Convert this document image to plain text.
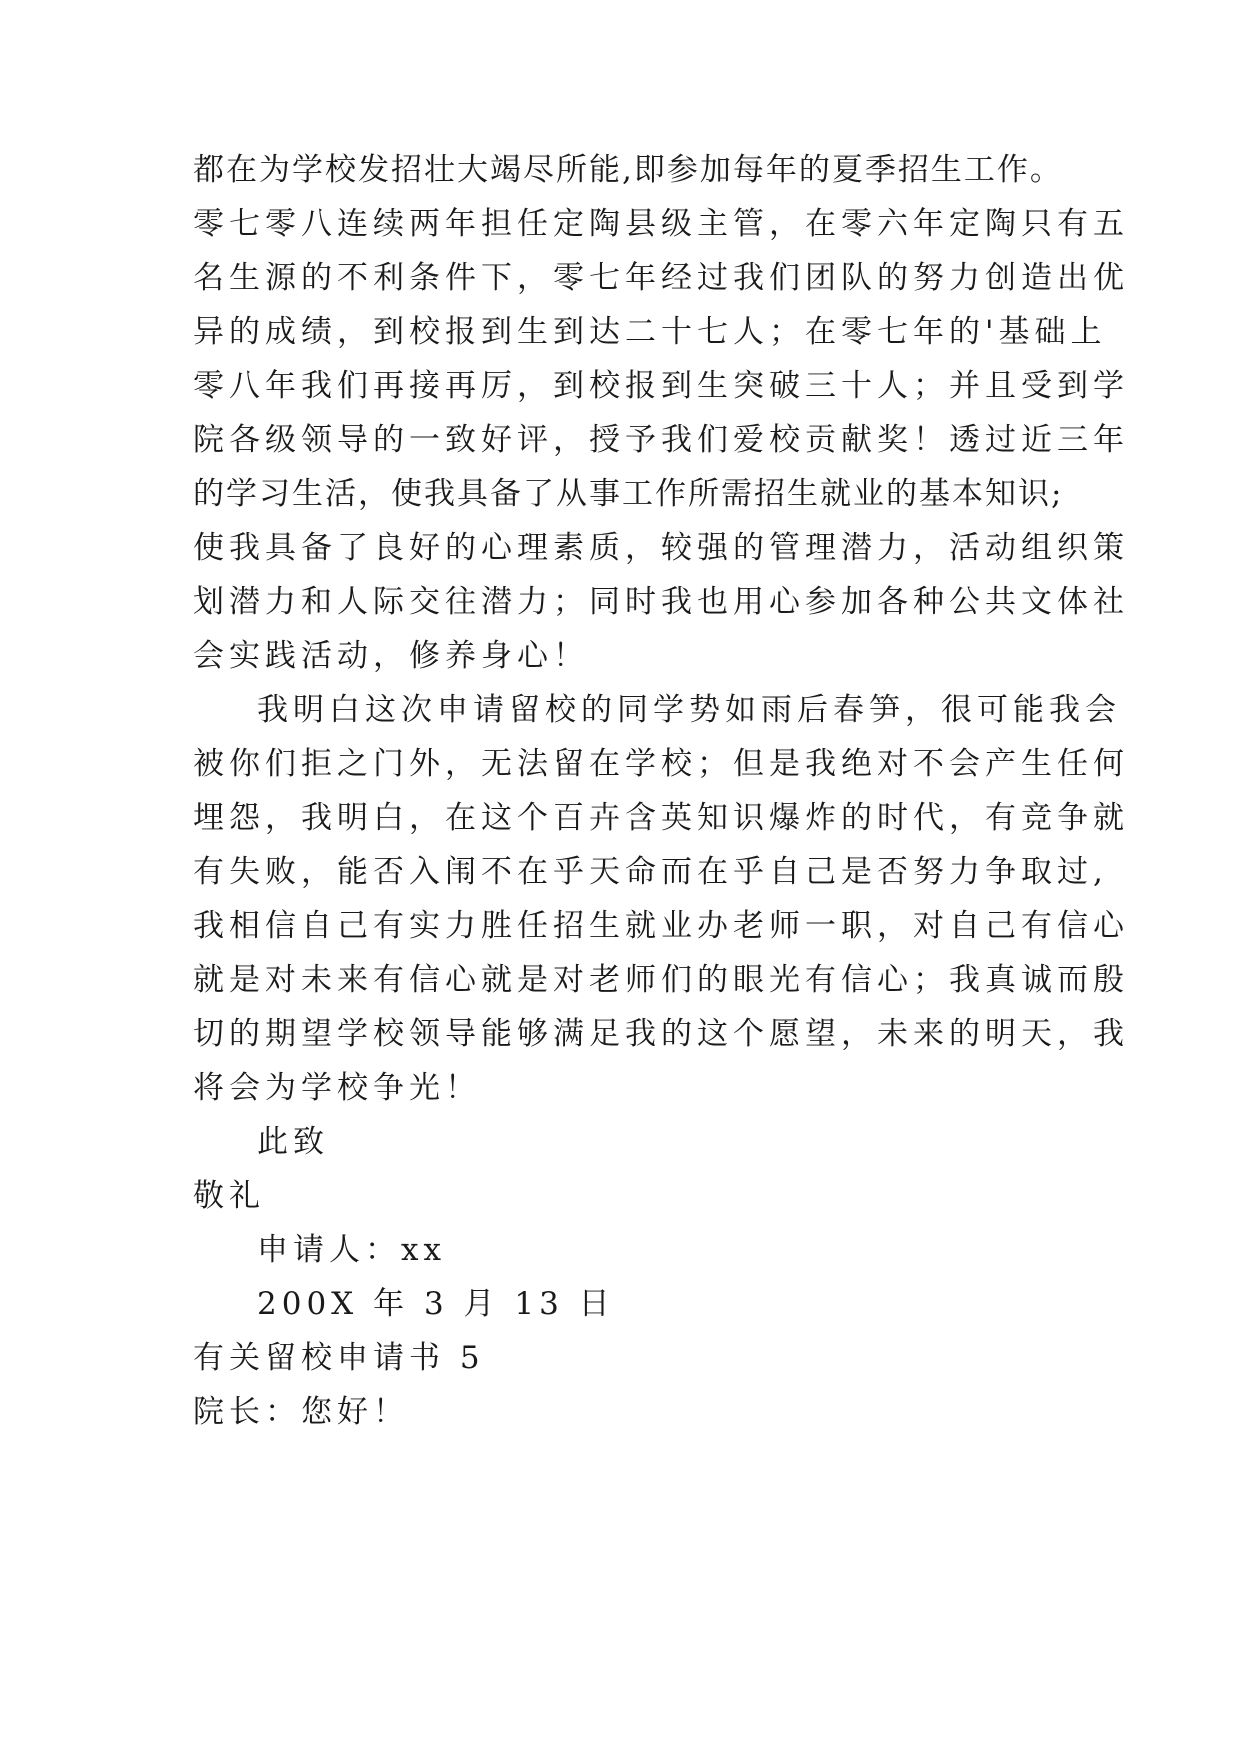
都在为学校发招壮大竭尽所能,即参加每年的夏季招生工作。
零七零八连续两年担任定陶县级主管，在零六年定陶只有五
名生源的不利条件下，零七年经过我们团队的努力创造出优
异的成绩，到校报到生到达二十七人；在零七年的'基础上
零八年我们再接再厉，到校报到生突破三十人；并且受到学
院各级领导的一致好评，授予我们爱校贡献奖！透过近三年
的学习生活，使我具备了从事工作所需招生就业的基本知识;
使我具备了良好的心理素质，较强的管理潜力，活动组织策
划潜力和人际交往潜力；同时我也用心参加各种公共文体社
会实践活动，修养身心！
我明白这次申请留校的同学势如雨后春笋，很可能我会
被你们拒之门外，无法留在学校；但是我绝对不会产生任何
埋怨，我明白，在这个百卉含英知识爆炸的时代，有竞争就
有失败，能否入闱不在乎天命而在乎自己是否努力争取过,
我相信自己有实力胜任招生就业办老师一职，对自己有信心
就是对未来有信心就是对老师们的眼光有信心；我真诚而殷
切的期望学校领导能够满足我的这个愿望，未来的明天，我
将会为学校争光！
此致
敬礼
申请人：xx
200X 年 3 月 13 日
有关留校申请书 5
院长：您好！
